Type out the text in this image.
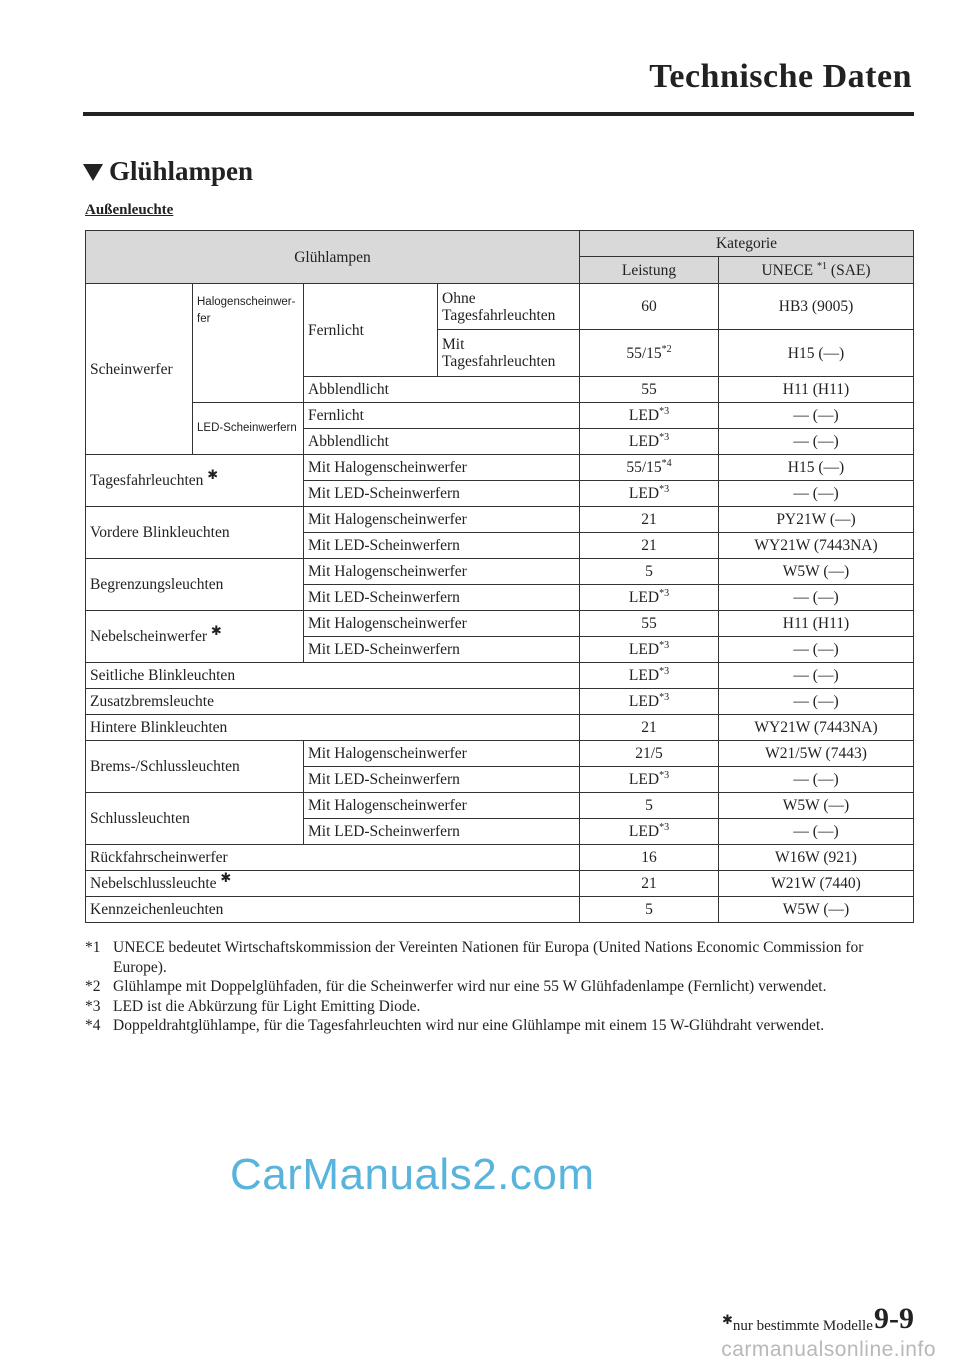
Technische Daten
Glühlampen
Außenleuchte
Glühlampen				Kategorie	
				Leistung	UNECE $^{*1}$ (SAE)
Scheinwerfer	Halogenscheinwer-fer	Fernlicht	Ohne Tagesfahrleuchten	60	HB3 (9005)
			Mit Tagesfahrleuchten	55/15$^{*2}$	H15 (—)
		Abblendlicht		55	H11 (H11)
	LED-Scheinwerfern	Fernlicht		LED$^{*3}$	— (—)
		Abblendlicht		LED$^{*3}$	— (—)
Tagesfahrleuchten ✱		Mit Halogenscheinwerfer		55/15$^{*4}$	H15 (—)
		Mit LED-Scheinwerfern		LED$^{*3}$	— (—)
Vordere Blinkleuchten		Mit Halogenscheinwerfer		21	PY21W (—)
		Mit LED-Scheinwerfern		21	WY21W (7443NA)
Begrenzungsleuchten		Mit Halogenscheinwerfer		5	W5W (—)
		Mit LED-Scheinwerfern		LED$^{*3}$	— (—)
Nebelscheinwerfer ✱		Mit Halogenscheinwerfer		55	H11 (H11)
		Mit LED-Scheinwerfern		LED$^{*3}$	— (—)
Seitliche Blinkleuchten				LED$^{*3}$	— (—)
Zusatzbremsleuchte				LED$^{*3}$	— (—)
Hintere Blinkleuchten				21	WY21W (7443NA)
Brems-/Schlussleuchten		Mit Halogenscheinwerfer		21/5	W21/5W (7443)
		Mit LED-Scheinwerfern		LED$^{*3}$	— (—)
Schlussleuchten		Mit Halogenscheinwerfer		5	W5W (—)
		Mit LED-Scheinwerfern		LED$^{*3}$	— (—)
Rückfahrscheinwerfer				16	W16W (921)
Nebelschlussleuchte ✱				21	W21W (7440)
Kennzeichenleuchten				5	W5W (—)
*1 UNECE bedeutet Wirtschaftskommission der Vereinten Nationen für Europa (United Nations Economic Commission for Europe).
*2 Glühlampe mit Doppelglühfaden, für die Scheinwerfer wird nur eine 55 W Glühfadenlampe (Fernlicht) verwendet.
*3 LED ist die Abkürzung für Light Emitting Diode.
*4 Doppeldrahtglühlampe, für die Tagesfahrleuchten wird nur eine Glühlampe mit einem 15 W-Glühdraht verwendet.
CarManuals2.com
✱nur bestimmte Modelle 9-9
carmanualsonline.info
